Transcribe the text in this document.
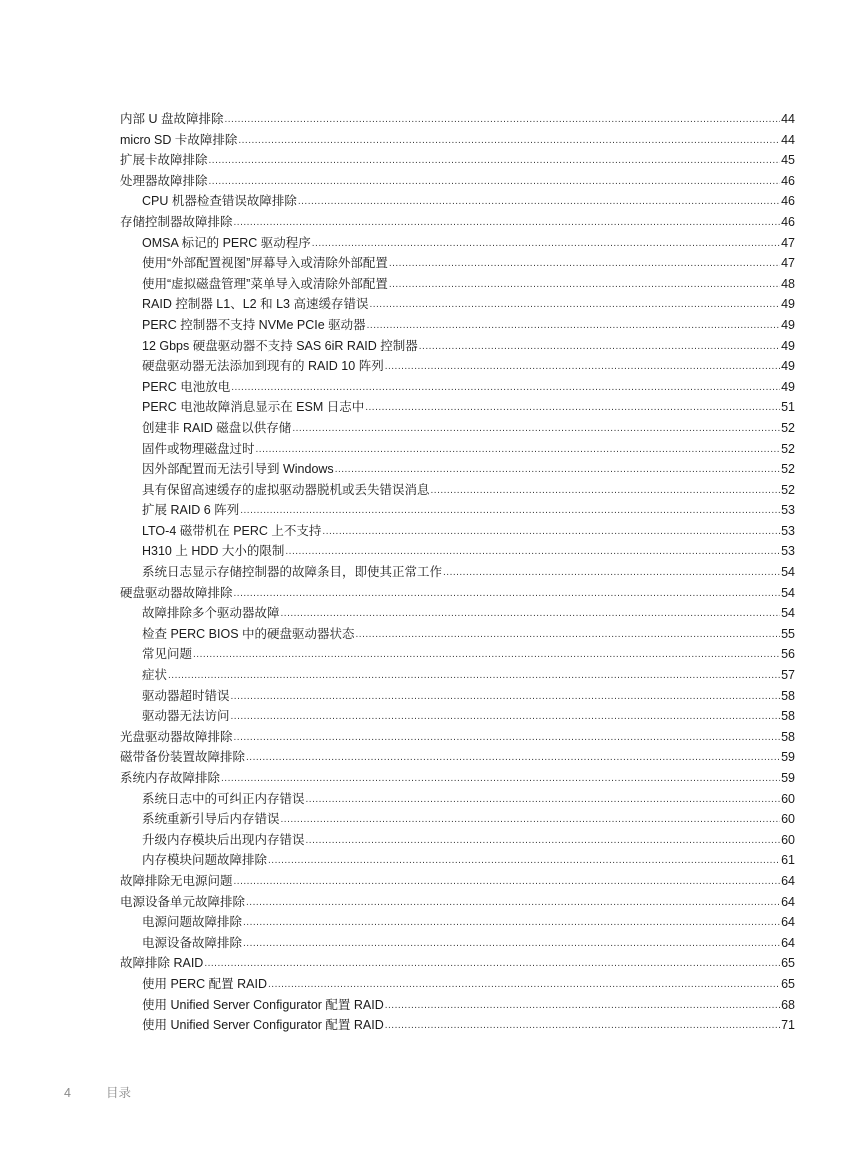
内部 U 盘故障排除 .....	44
micro SD 卡故障排除 .....	44
扩展卡故障排除 .....	45
处理器故障排除 .....	46
CPU 机器检查错误故障排除 .....	46
存储控制器故障排除 .....	46
OMSA 标记的 PERC 驱动程序 .....	47
使用“外部配置视图”屏幕导入或清除外部配置 .....	47
使用“虚拟磁盘管理”菜单导入或清除外部配置 .....	48
RAID 控制器 L1、L2 和 L3 高速缓存错误 .....	49
PERC 控制器不支持 NVMe PCIe 驱动器 .....	49
12 Gbps 硬盘驱动器不支持 SAS 6iR RAID 控制器 .....	49
硬盘驱动器无法添加到现有的 RAID 10 阵列 .....	49
PERC 电池放电 .....	49
PERC 电池故障消息显示在 ESM 日志中 .....	51
创建非 RAID 磁盘以供存储 .....	52
固件或物理磁盘过时 .....	52
因外部配置而无法引导到 Windows .....	52
具有保留高速缓存的虚拟驱动器脱机或丢失错误消息 .....	52
扩展 RAID 6 阵列 .....	53
LTO-4 磁带机在 PERC 上不支持 .....	53
H310 上 HDD 大小的限制 .....	53
系统日志显示存储控制器的故障条目，即使其正常工作 .....	54
硬盘驱动器故障排除 .....	54
故障排除多个驱动器故障 .....	54
检查 PERC BIOS 中的硬盘驱动器状态 .....	55
常见问题 .....	56
症状 .....	57
驱动器超时错误 .....	58
驱动器无法访问 .....	58
光盘驱动器故障排除 .....	58
磁带备份装置故障排除 .....	59
系统内存故障排除 .....	59
系统日志中的可纠正内存错误 .....	60
系统重新引导后内存错误 .....	60
升级内存模块后出现内存错误 .....	60
内存模块问题故障排除 .....	61
故障排除无电源问题 .....	64
电源设备单元故障排除 .....	64
电源问题故障排除 .....	64
电源设备故障排除 .....	64
故障排除 RAID .....	65
使用 PERC 配置 RAID .....	65
使用 Unified Server Configurator 配置 RAID .....	68
使用 Unified Server Configurator 配置 RAID .....	71
4	目录
